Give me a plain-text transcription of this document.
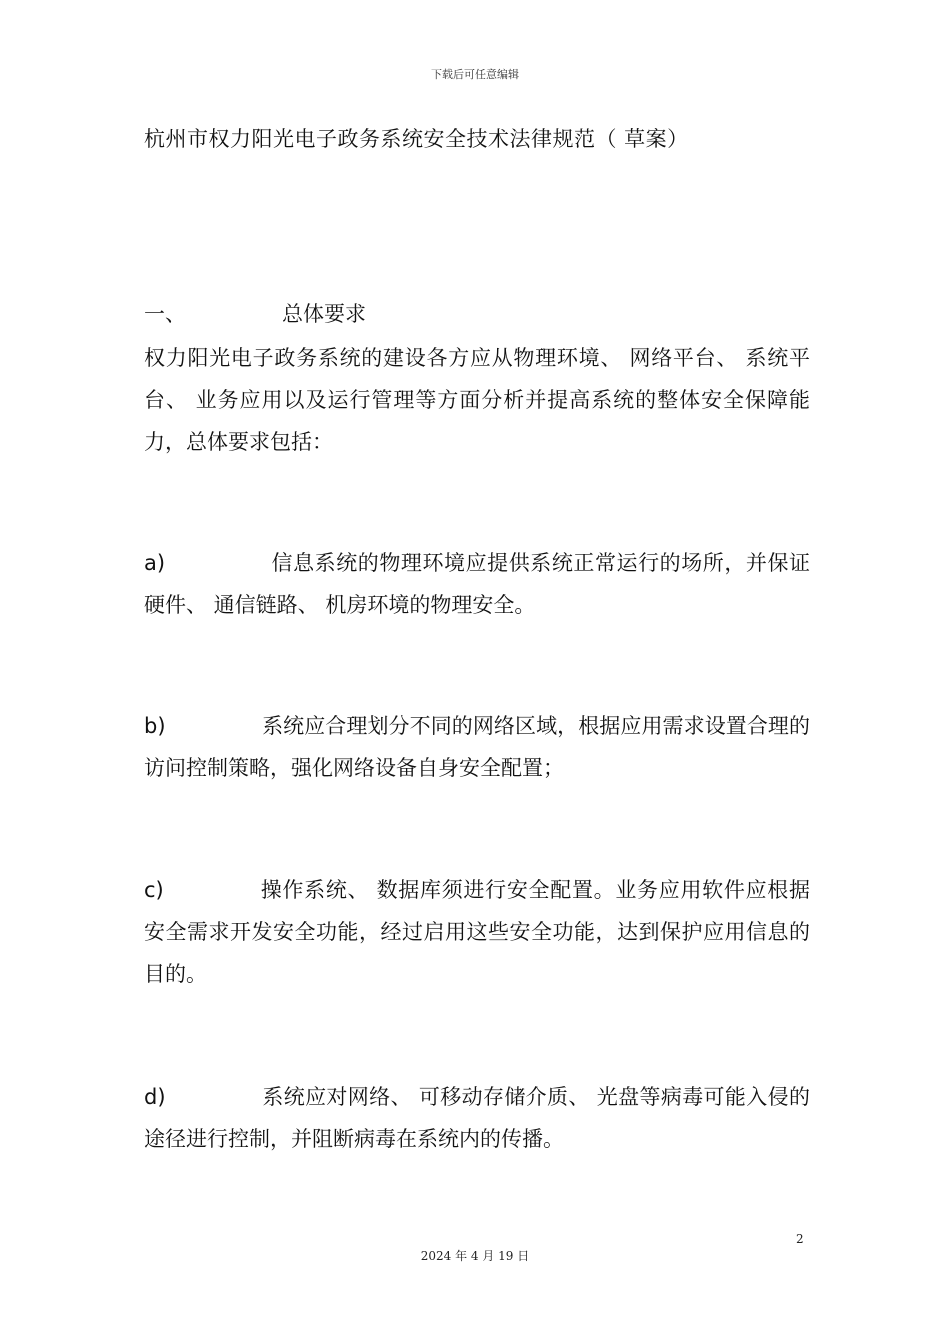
下载后可任意编辑
杭州市权力阳光电子政务系统安全技术法律规范（ 草案）
一、	总体要求
权力阳光电子政务系统的建设各方应从物理环境、 网络平台、 系统平台、 业务应用以及运行管理等方面分析并提高系统的整体安全保障能力，总体要求包括：
a)	信息系统的物理环境应提供系统正常运行的场所，并保证硬件、 通信链路、 机房环境的物理安全。
b)	系统应合理划分不同的网络区域，根据应用需求设置合理的访问控制策略，强化网络设备自身安全配置；
c)	操作系统、 数据库须进行安全配置。业务应用软件应根据安全需求开发安全功能，经过启用这些安全功能，达到保护应用信息的目的。
d)	系统应对网络、 可移动存储介质、 光盘等病毒可能入侵的途径进行控制，并阻断病毒在系统内的传播。
2
2024 年 4 月 19 日
